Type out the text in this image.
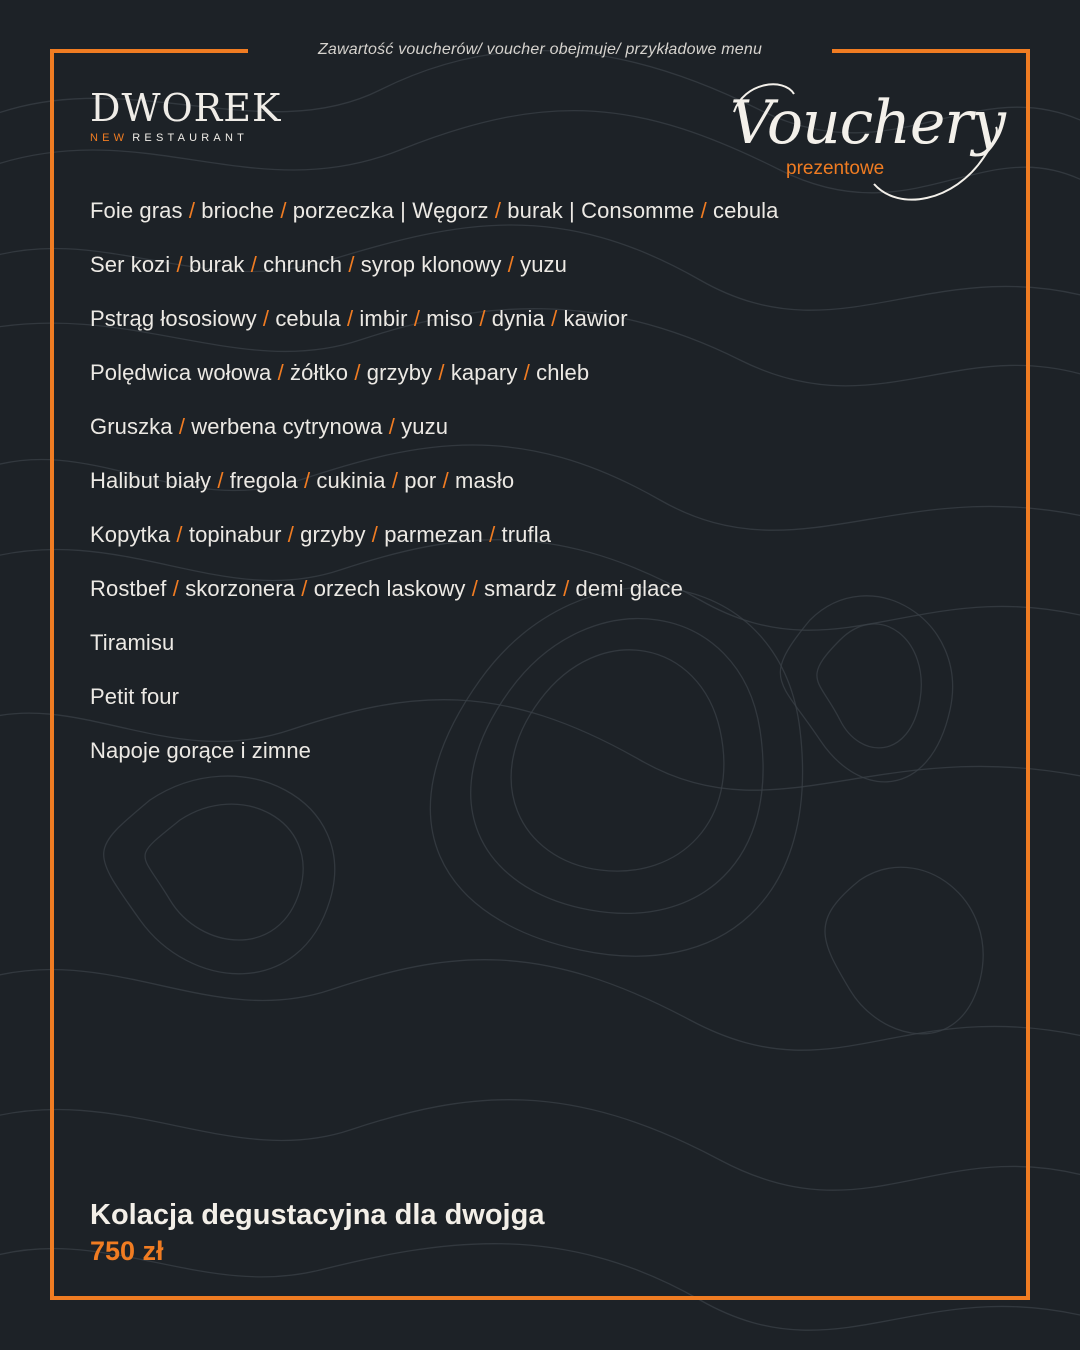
Zawartość voucherów/ voucher obejmuje/ przykładowe menu
DWOREK
NEW RESTAURANT	Vouchery
prezentowe
Foie gras / brioche / porzeczka | Węgorz / burak | Consomme / cebula
Ser kozi / burak / chrunch / syrop klonowy / yuzu
Pstrąg łososiowy / cebula / imbir / miso / dynia / kawior
Polędwica wołowa / żółtko / grzyby / kapary / chleb
Gruszka / werbena cytrynowa / yuzu
Halibut biały / fregola / cukinia / por / masło
Kopytka / topinabur / grzyby / parmezan / trufla
Rostbef / skorzonera / orzech laskowy / smardz / demi glace
Tiramisu
Petit four
Napoje gorące i zimne
Kolacja degustacyjna dla dwojga
750 zł
